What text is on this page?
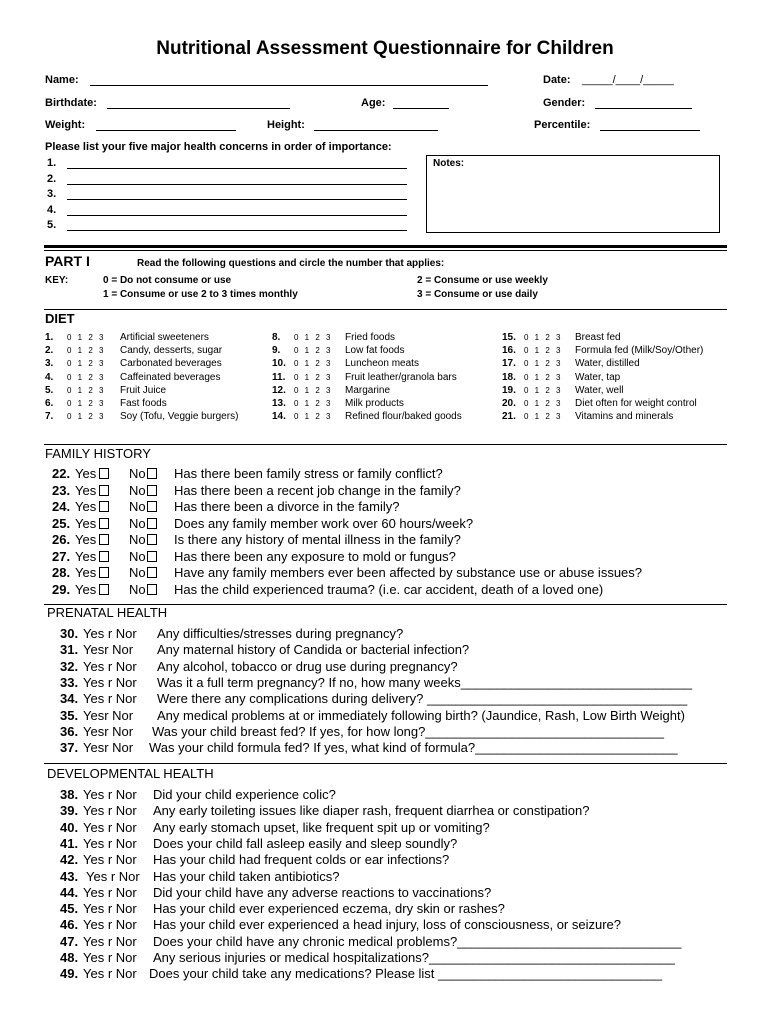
Nutritional Assessment Questionnaire for Children
Name:	Date: _____/____/_____
Birthdate:	Age:	Gender:
Weight:	Height:	Percentile:
Please list your five major health concerns in order of importance:
1.
2.
3.
4.
5.
Notes:
PART I	Read the following questions and circle the number that applies:
KEY:	0 = Do not consume or use
1 = Consume or use 2 to 3 times monthly
2 = Consume or use weekly
3 = Consume or use daily
DIET
1. 0 1 2 3 Artificial sweeteners
2. 0 1 2 3 Candy, desserts, sugar
3. 0 1 2 3 Carbonated beverages
4. 0 1 2 3 Caffeinated beverages
5. 0 1 2 3 Fruit Juice
6. 0 1 2 3 Fast foods
7. 0 1 2 3 Soy (Tofu, Veggie burgers)
8. 0 1 2 3 Fried foods
9. 0 1 2 3 Low fat foods
10. 0 1 2 3 Luncheon meats
11. 0 1 2 3 Fruit leather/granola bars
12. 0 1 2 3 Margarine
13. 0 1 2 3 Milk products
14. 0 1 2 3 Refined flour/baked goods
15. 0 1 2 3 Breast fed
16. 0 1 2 3 Formula fed (Milk/Soy/Other)
17. 0 1 2 3 Water, distilled
18. 0 1 2 3 Water, tap
19. 0 1 2 3 Water, well
20. 0 1 2 3 Diet often for weight control
21. 0 1 2 3 Vitamins and minerals
FAMILY HISTORY
22. Yes	No	Has there been family stress or family conflict?
23. Yes	No	Has there been a recent job change in the family?
24. Yes	No	Has there been a divorce in the family?
25. Yes	No	Does any family member work over 60 hours/week?
26. Yes	No	Is there any history of mental illness in the family?
27. Yes	No	Has there been any exposure to mold or fungus?
28. Yes	No	Have any family members ever been affected by substance use or abuse issues?
29. Yes	No	Has the child experienced trauma? (i.e. car accident, death of a loved one)
PRENATAL HEALTH
30. Yes r Nor Any difficulties/stresses during pregnancy?
31. Yesr Nor Any maternal history of Candida or bacterial infection?
32. Yes r Nor Any alcohol, tobacco or drug use during pregnancy?
33. Yes r Nor Was it a full term pregnancy? If no, how many weeks________________________________
34. Yes r Nor Were there any complications during delivery? ____________________________________
35. Yesr Nor Any medical problems at or immediately following birth? (Jaundice, Rash, Low Birth Weight)
36. Yesr Nor Was your child breast fed? If yes, for how long?_________________________________
37. Yesr Nor Was your child formula fed? If yes, what kind of formula?____________________________
DEVELOPMENTAL HEALTH
38. Yes r Nor Did your child experience colic?
39. Yes r Nor Any early toileting issues like diaper rash, frequent diarrhea or constipation?
40. Yes r Nor Any early stomach upset, like frequent spit up or vomiting?
41. Yes r Nor Does your child fall asleep easily and sleep soundly?
42. Yes r Nor Has your child had frequent colds or ear infections?
43. Yes r Nor Has your child taken antibiotics?
44. Yes r Nor Did your child have any adverse reactions to vaccinations?
45. Yes r Nor Has your child ever experienced eczema, dry skin or rashes?
46. Yes r Nor Has your child ever experienced a head injury, loss of consciousness, or seizure?
47. Yes r Nor Does your child have any chronic medical problems?_______________________________
48. Yes r Nor Any serious injuries or medical hospitalizations?__________________________________
49. Yes r Nor Does your child take any medications? Please list _______________________________
